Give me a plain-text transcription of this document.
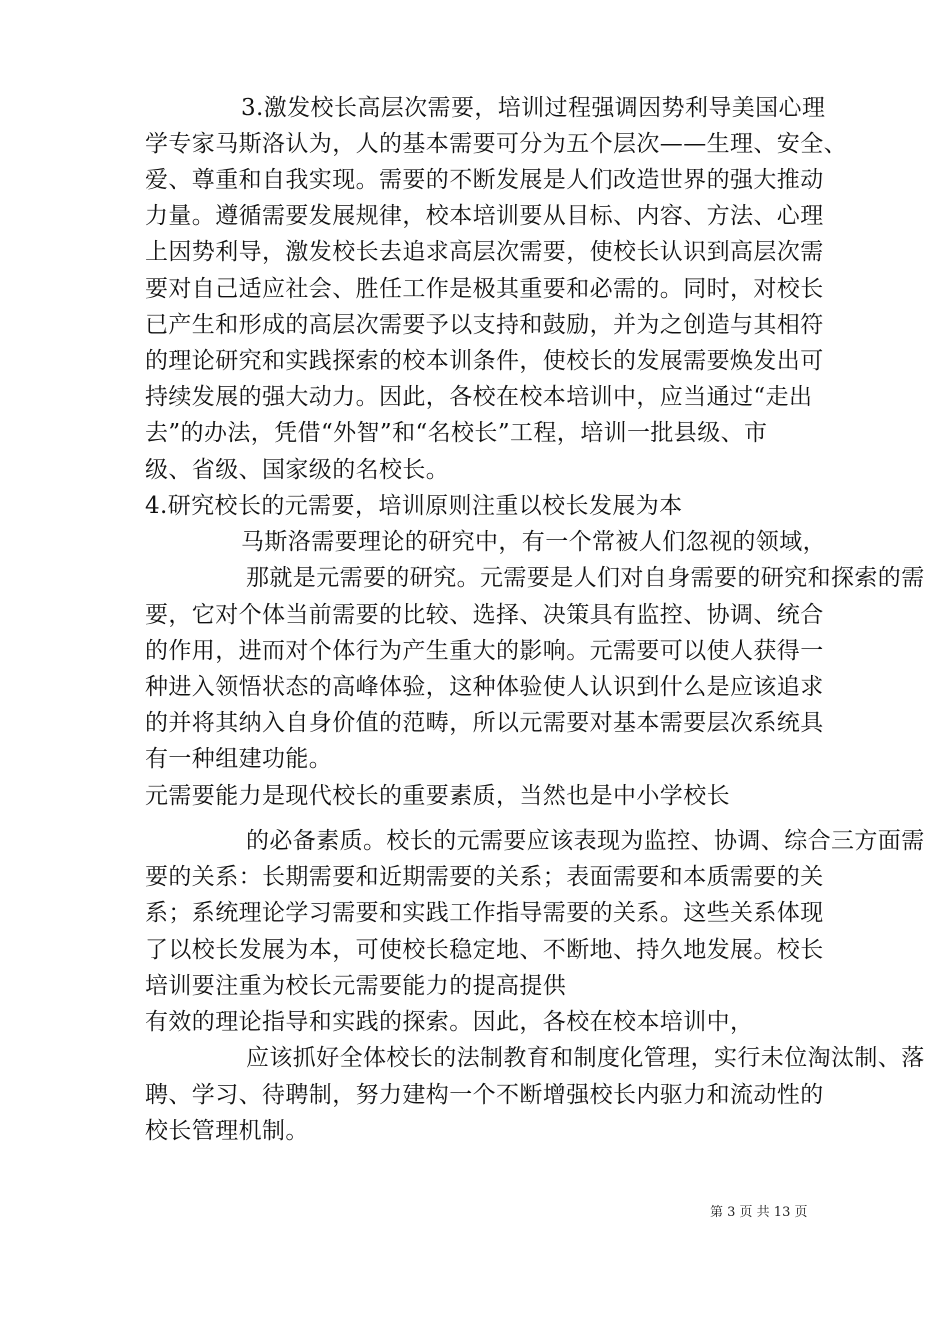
3.激发校长高层次需要，培训过程强调因势利导美国心理
学专家马斯洛认为，人的基本需要可分为五个层次——生理、安全、
爱、尊重和自我实现。需要的不断发展是人们改造世界的强大推动
力量。遵循需要发展规律，校本培训要从目标、内容、方法、心理
上因势利导，激发校长去追求高层次需要，使校长认识到高层次需
要对自己适应社会、胜任工作是极其重要和必需的。同时，对校长
已产生和形成的高层次需要予以支持和鼓励，并为之创造与其相符
的理论研究和实践探索的校本训条件，使校长的发展需要焕发出可
持续发展的强大动力。因此，各校在校本培训中，应当通过“走出
去”的办法，凭借“外智”和“名校长”工程，培训一批县级、市
级、省级、国家级的名校长。
4.研究校长的元需要，培训原则注重以校长发展为本
马斯洛需要理论的研究中，有一个常被人们忽视的领域，
那就是元需要的研究。元需要是人们对自身需要的研究和探索的需
要，它对个体当前需要的比较、选择、决策具有监控、协调、统合
的作用，进而对个体行为产生重大的影响。元需要可以使人获得一
种进入领悟状态的高峰体验，这种体验使人认识到什么是应该追求
的并将其纳入自身价值的范畴，所以元需要对基本需要层次系统具
有一种组建功能。
元需要能力是现代校长的重要素质，当然也是中小学校长
的必备素质。校长的元需要应该表现为监控、协调、综合三方面需
要的关系：长期需要和近期需要的关系；表面需要和本质需要的关
系；系统理论学习需要和实践工作指导需要的关系。这些关系体现
了以校长发展为本，可使校长稳定地、不断地、持久地发展。校长
培训要注重为校长元需要能力的提高提供
有效的理论指导和实践的探索。因此，各校在校本培训中，
应该抓好全体校长的法制教育和制度化管理，实行未位淘汰制、落
聘、学习、待聘制，努力建构一个不断增强校长内驱力和流动性的
校长管理机制。
第 3 页 共 13 页
